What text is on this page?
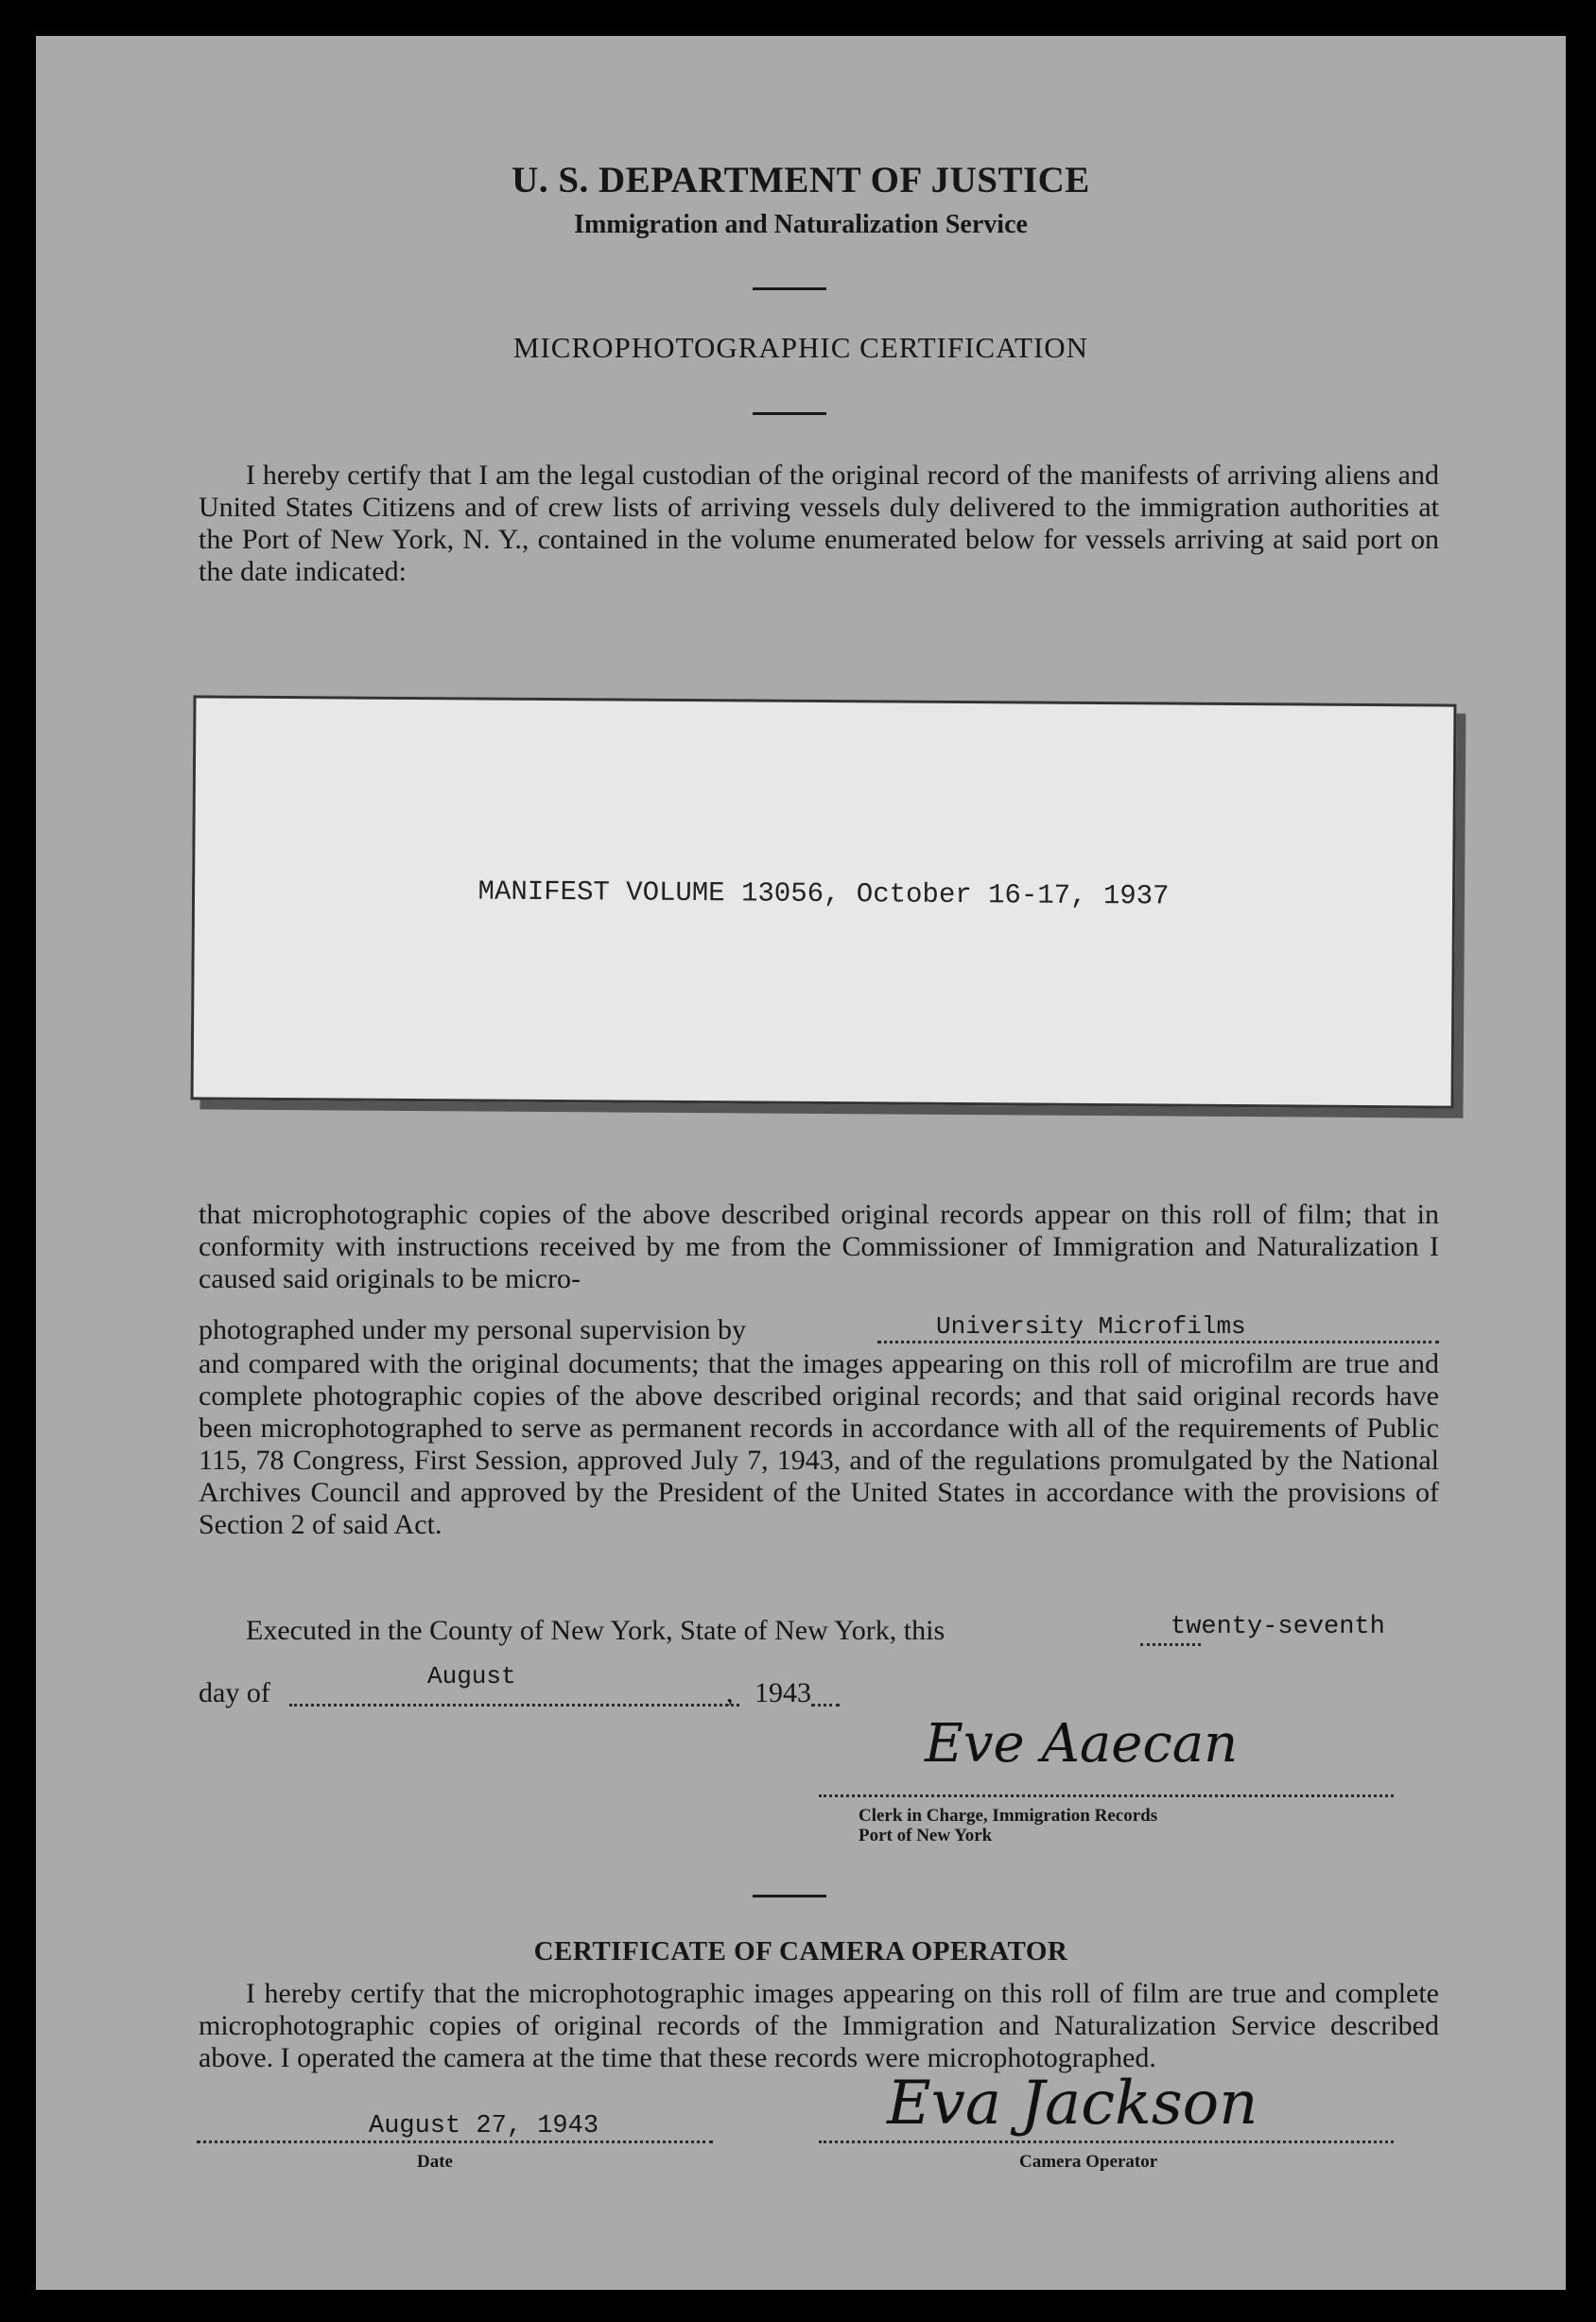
U. S. DEPARTMENT OF JUSTICE
Immigration and Naturalization Service
MICROPHOTOGRAPHIC CERTIFICATION
I hereby certify that I am the legal custodian of the original record of the manifests of arriving aliens and United States Citizens and of crew lists of arriving vessels duly delivered to the immigration authorities at the Port of New York, N. Y., contained in the volume enumerated below for vessels arriving at said port on the date indicated:
MANIFEST VOLUME 13056, October 16-17, 1937
that microphotographic copies of the above described original records appear on this roll of film; that in conformity with instructions received by me from the Commissioner of Immigration and Naturalization I caused said originals to be micro-
photographed under my personal supervision by	University Microfilms
and compared with the original documents; that the images appearing on this roll of microfilm are true and complete photographic copies of the above described original records; and that said original records have been microphotographed to serve as permanent records in accordance with all of the requirements of Public 115, 78 Congress, First Session, approved July 7, 1943, and of the regulations promulgated by the National Archives Council and approved by the President of the United States in accordance with the provisions of Section 2 of said Act.
Executed in the County of New York, State of New York, this	twenty-seventh
day of
August
, 194 3
Eve Aaecan
Clerk in Charge, Immigration Records
Port of New York
CERTIFICATE OF CAMERA OPERATOR
I hereby certify that the microphotographic images appearing on this roll of film are true and complete microphotographic copies of original records of the Immigration and Naturalization Service described above. I operated the camera at the time that these records were microphotographed.
August 27, 1943
Date
Eva Jackson
Camera Operator
